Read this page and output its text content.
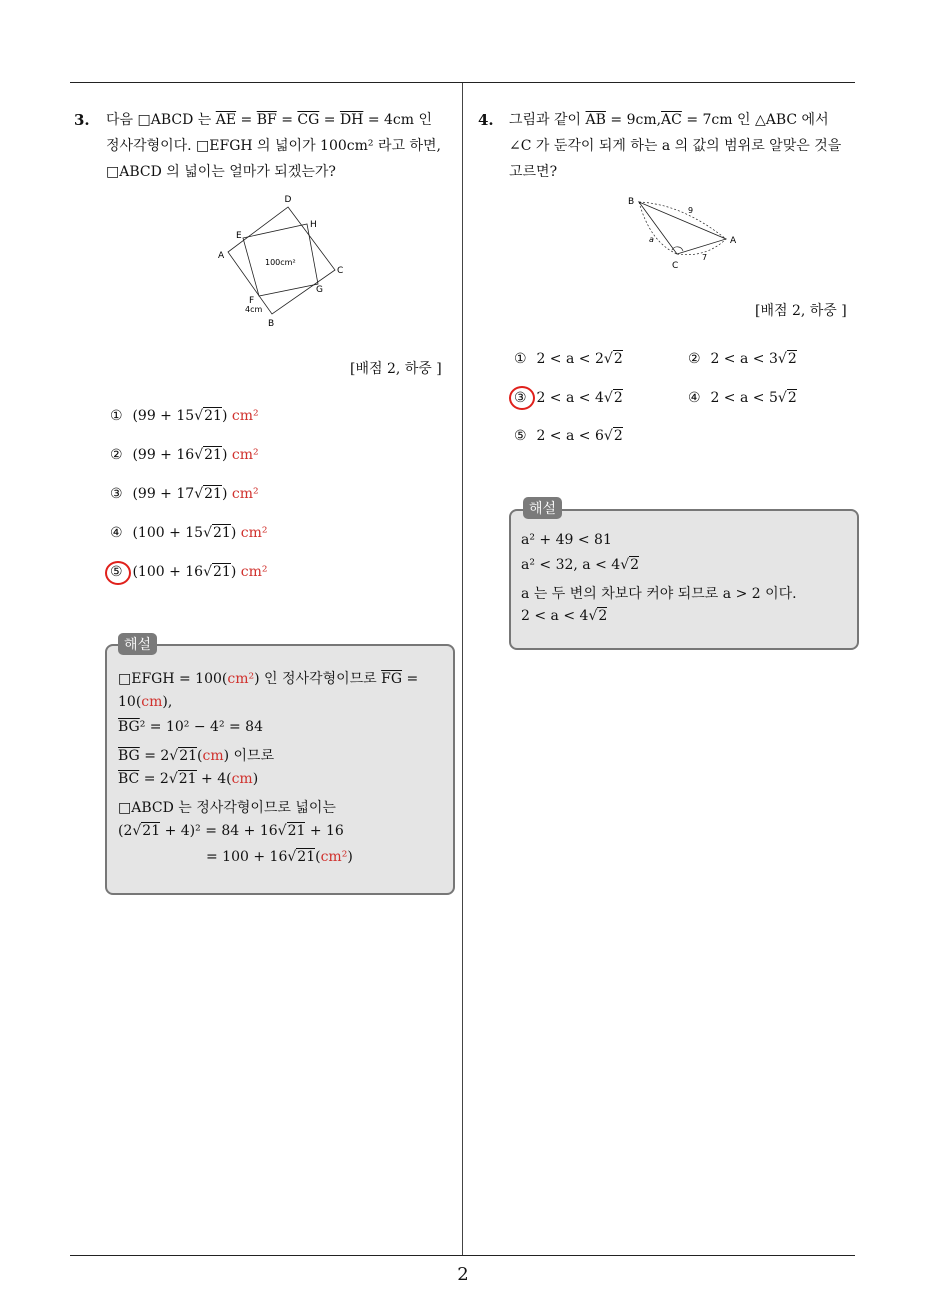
2
3. 다음 □ABCD 는 $\overline{AE} = \overline{BF} = \overline{CG} = \overline{DH} = 4cm$ 인
정사각형이다. □EFGH 의 넓이가 100cm² 라고 하면,
□ABCD 의 넓이는 얼마가 되겠는가?
D
H
E
A
C
G
F
4cm
B
100cm²
[배점 2, 하중 ]
① (99 + 15√21) cm²
② (99 + 16√21) cm²
③ (99 + 17√21) cm²
④ (100 + 15√21) cm²
⑤ (100 + 16√21) cm²
해설
□EFGH = 100(cm²) 인 정사각형이므로 $\overline{FG}$ =
10(cm),
$\overline{BG}^2 = 10^2 - 4^2 = 84$
$\overline{BG} = 2√21(cm)$ 이므로
$\overline{BC} = 2√21 + 4(cm)$
□ABCD 는 정사각형이므로 넓이는
(2√21 + 4)² = 84 + 16√21 + 16
= 100 + 16√21(cm²)
4. 그림과 같이 $\overline{AB} = 9cm,\overline{AC} = 7cm$ 인 △ABC 에서
∠C 가 둔각이 되게 하는 a 의 값의 범위로 알맞은 것을
고르면?
B
A
C
9
a
7
[배점 2, 하중 ]
① 2 < a < 2√2	② 2 < a < 3√2
③ 2 < a < 4√2	④ 2 < a < 5√2
⑤ 2 < a < 6√2
해설
a² + 49 < 81
a² < 32, a < 4√2
a 는 두 변의 차보다 커야 되므로 a > 2 이다.
2 < a < 4√2
